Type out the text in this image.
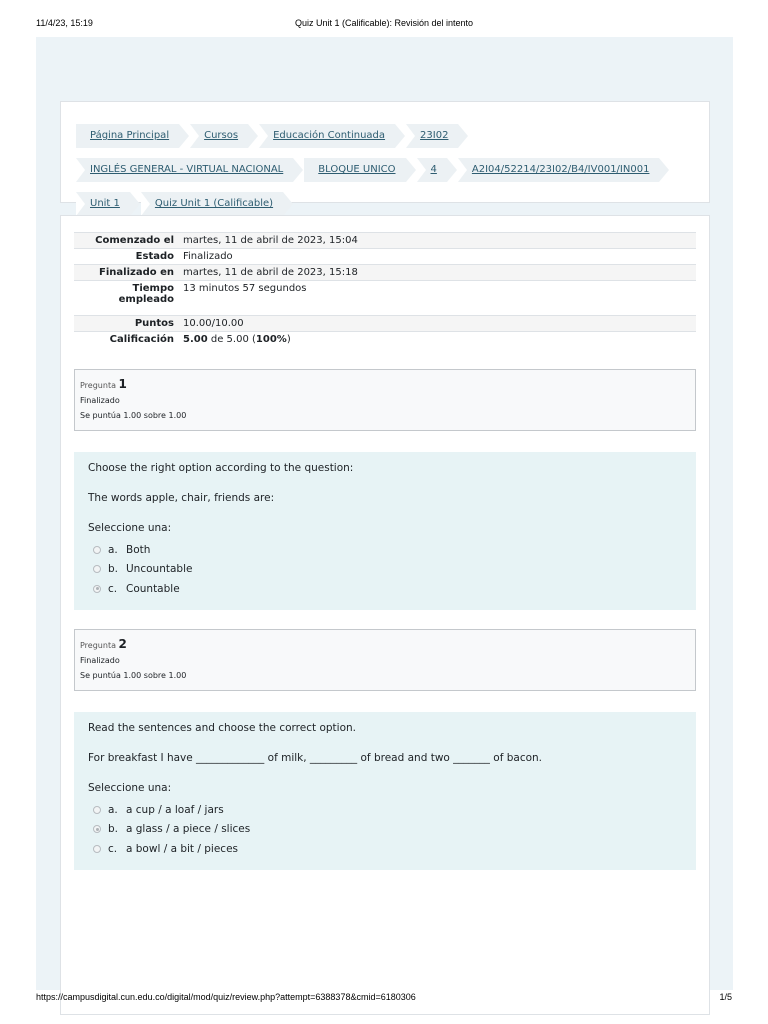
11/4/23, 15:19	Quiz Unit 1 (Calificable): Revisión del intento
Página Principal	Cursos	Educación Continuada	23I02
INGLÉS GENERAL - VIRTUAL NACIONAL	BLOQUE UNICO	4	A2I04/52214/23I02/B4/IV001/IN001
Unit 1	Quiz Unit 1 (Calificable)
Comenzado el	martes, 11 de abril de 2023, 15:04
Estado	Finalizado
Finalizado en	martes, 11 de abril de 2023, 15:18
Tiempo
empleado	13 minutos 57 segundos
Puntos	10.00/10.00
Calificación	5.00 de 5.00 (100%)
Pregunta 1
Finalizado
Se puntúa 1.00 sobre 1.00

Choose the right option according to the question:

The words apple, chair, friends are:

Seleccione una:
a. Both
b. Uncountable
c. Countable
Pregunta 2
Finalizado
Se puntúa 1.00 sobre 1.00

Read the sentences and choose the correct option.

For breakfast I have _____________ of milk, _________ of bread and two _______ of bacon.

Seleccione una:
a. a cup / a loaf / jars
b. a glass / a piece / slices
c. a bowl / a bit / pieces
https://campusdigital.cun.edu.co/digital/mod/quiz/review.php?attempt=6388378&cmid=6180306	1/5
